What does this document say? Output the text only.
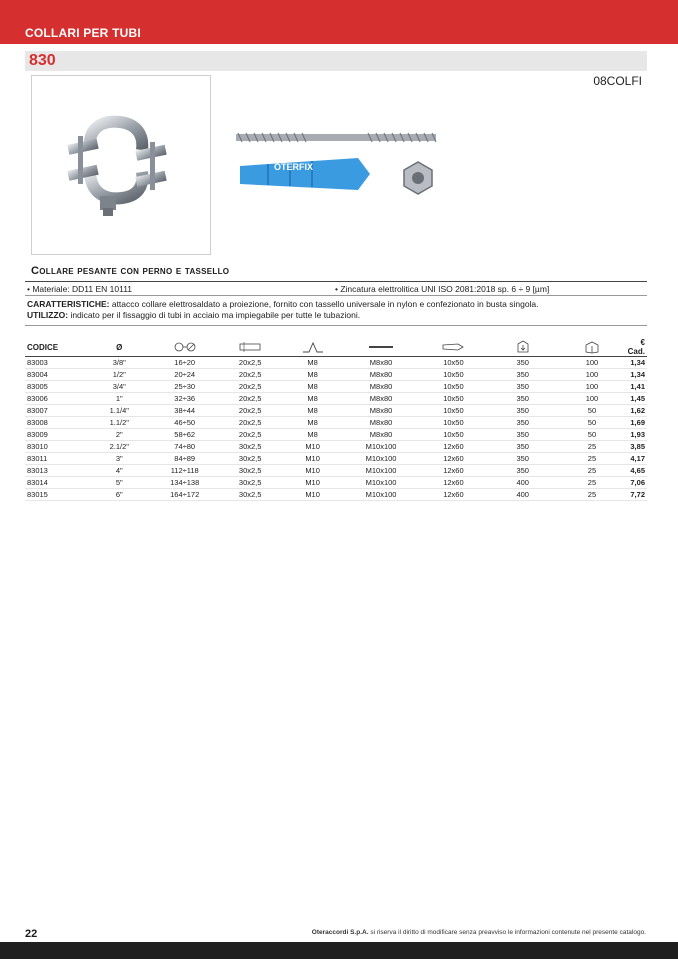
COLLARI PER TUBI
830
08COLFI
OTERFIX
Collare pesante con perno e tassello
• Materiale: DD11 EN 10111	• Zincatura elettrolitica UNI ISO 2081:2018 sp. 6 ÷ 9 [µm]
CARATTERISTICHE: attacco collare elettrosaldato a proiezione, fornito con tassello universale in nylon e confezionato in busta singola.
UTILIZZO: indicato per il fissaggio di tubi in acciaio ma impiegabile per tutte le tubazioni.
CODICE	Ø								€ Cad.
83003	3/8"	16÷20	20x2,5	M8	M8x80	10x50	350	100	1,34
83004	1/2"	20÷24	20x2,5	M8	M8x80	10x50	350	100	1,34
83005	3/4"	25÷30	20x2,5	M8	M8x80	10x50	350	100	1,41
83006	1"	32÷36	20x2,5	M8	M8x80	10x50	350	100	1,45
83007	1.1/4"	38÷44	20x2,5	M8	M8x80	10x50	350	50	1,62
83008	1.1/2"	46÷50	20x2,5	M8	M8x80	10x50	350	50	1,69
83009	2"	58÷62	20x2,5	M8	M8x80	10x50	350	50	1,93
83010	2.1/2"	74÷80	30x2,5	M10	M10x100	12x60	350	25	3,85
83011	3"	84÷89	30x2,5	M10	M10x100	12x60	350	25	4,17
83013	4"	112÷118	30x2,5	M10	M10x100	12x60	350	25	4,65
83014	5"	134÷138	30x2,5	M10	M10x100	12x60	400	25	7,06
83015	6"	164÷172	30x2,5	M10	M10x100	12x60	400	25	7,72
22	Oteraccordi S.p.A. si riserva il diritto di modificare senza preavviso le informazioni contenute nel presente catalogo.
